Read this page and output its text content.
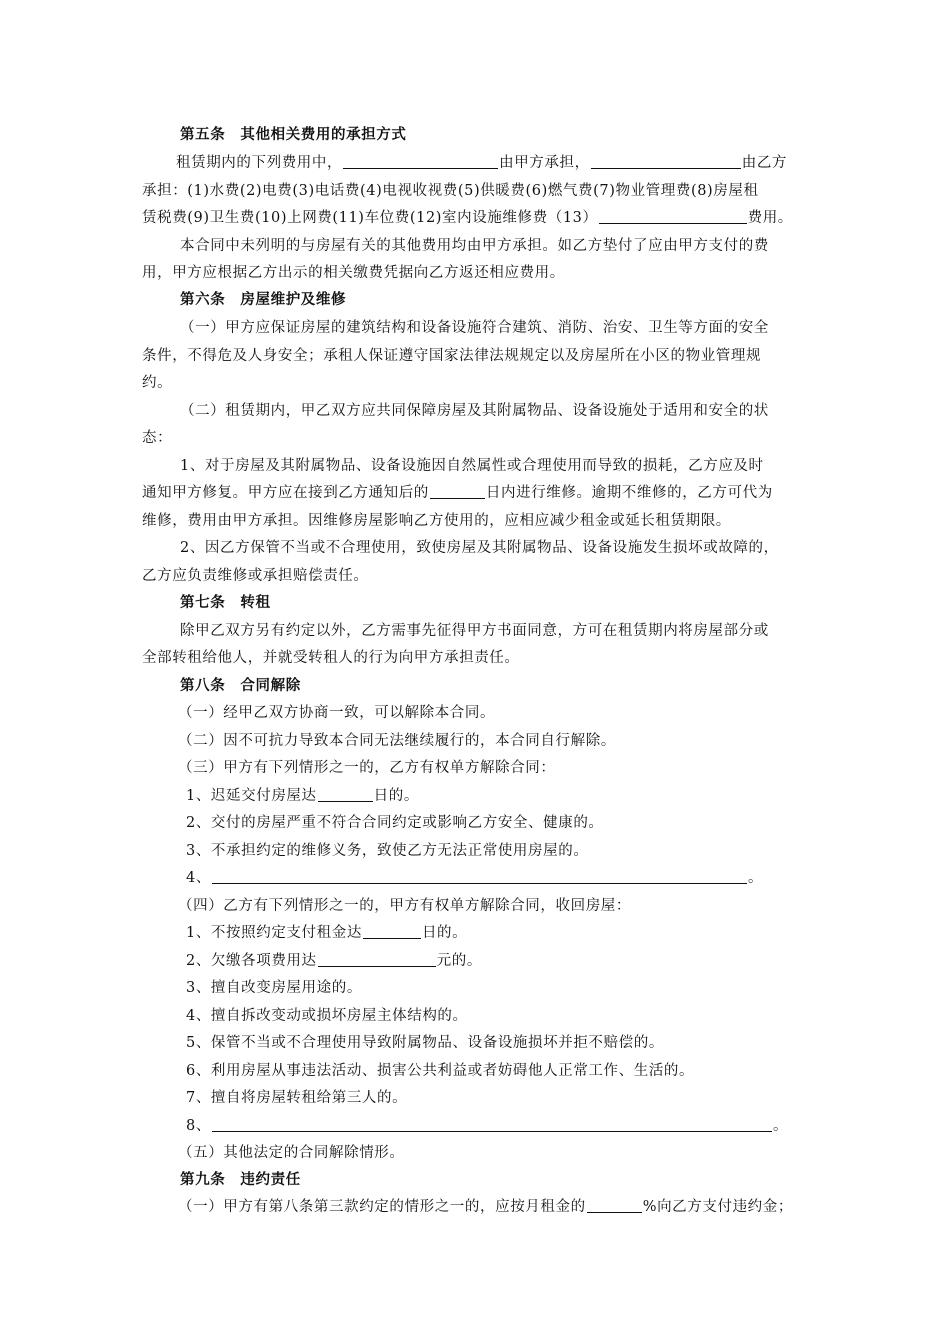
第五条　其他相关费用的承担方式
租赁期内的下列费用中，	由甲方承担，	由乙方
承担：(1)水费(2)电费(3)电话费(4)电视收视费(5)供暖费(6)燃气费(7)物业管理费(8)房屋租
赁税费(9)卫生费(10)上网费(11)车位费(12)室内设施维修费（13）	费用。
本合同中未列明的与房屋有关的其他费用均由甲方承担。如乙方垫付了应由甲方支付的费
用，甲方应根据乙方出示的相关缴费凭据向乙方返还相应费用。
第六条　房屋维护及维修
（一）甲方应保证房屋的建筑结构和设备设施符合建筑、消防、治安、卫生等方面的安全
条件，不得危及人身安全；承租人保证遵守国家法律法规规定以及房屋所在小区的物业管理规
约。
（二）租赁期内，甲乙双方应共同保障房屋及其附属物品、设备设施处于适用和安全的状
态：
1、对于房屋及其附属物品、设备设施因自然属性或合理使用而导致的损耗，乙方应及时
通知甲方修复。甲方应在接到乙方通知后的	日内进行维修。逾期不维修的，乙方可代为
维修，费用由甲方承担。因维修房屋影响乙方使用的，应相应减少租金或延长租赁期限。
2、因乙方保管不当或不合理使用，致使房屋及其附属物品、设备设施发生损坏或故障的，
乙方应负责维修或承担赔偿责任。
第七条　转租
除甲乙双方另有约定以外，乙方需事先征得甲方书面同意，方可在租赁期内将房屋部分或
全部转租给他人，并就受转租人的行为向甲方承担责任。
第八条　合同解除
（一）经甲乙双方协商一致，可以解除本合同。
（二）因不可抗力导致本合同无法继续履行的，本合同自行解除。
（三）甲方有下列情形之一的，乙方有权单方解除合同：
1、迟延交付房屋达	日的。
2、交付的房屋严重不符合合同约定或影响乙方安全、健康的。
3、不承担约定的维修义务，致使乙方无法正常使用房屋的。
4、	。
（四）乙方有下列情形之一的，甲方有权单方解除合同，收回房屋：
1、不按照约定支付租金达	日的。
2、欠缴各项费用达	元的。
3、擅自改变房屋用途的。
4、擅自拆改变动或损坏房屋主体结构的。
5、保管不当或不合理使用导致附属物品、设备设施损坏并拒不赔偿的。
6、利用房屋从事违法活动、损害公共利益或者妨碍他人正常工作、生活的。
7、擅自将房屋转租给第三人的。
8、	。
（五）其他法定的合同解除情形。
第九条　违约责任
（一）甲方有第八条第三款约定的情形之一的，应按月租金的	%向乙方支付违约金；
